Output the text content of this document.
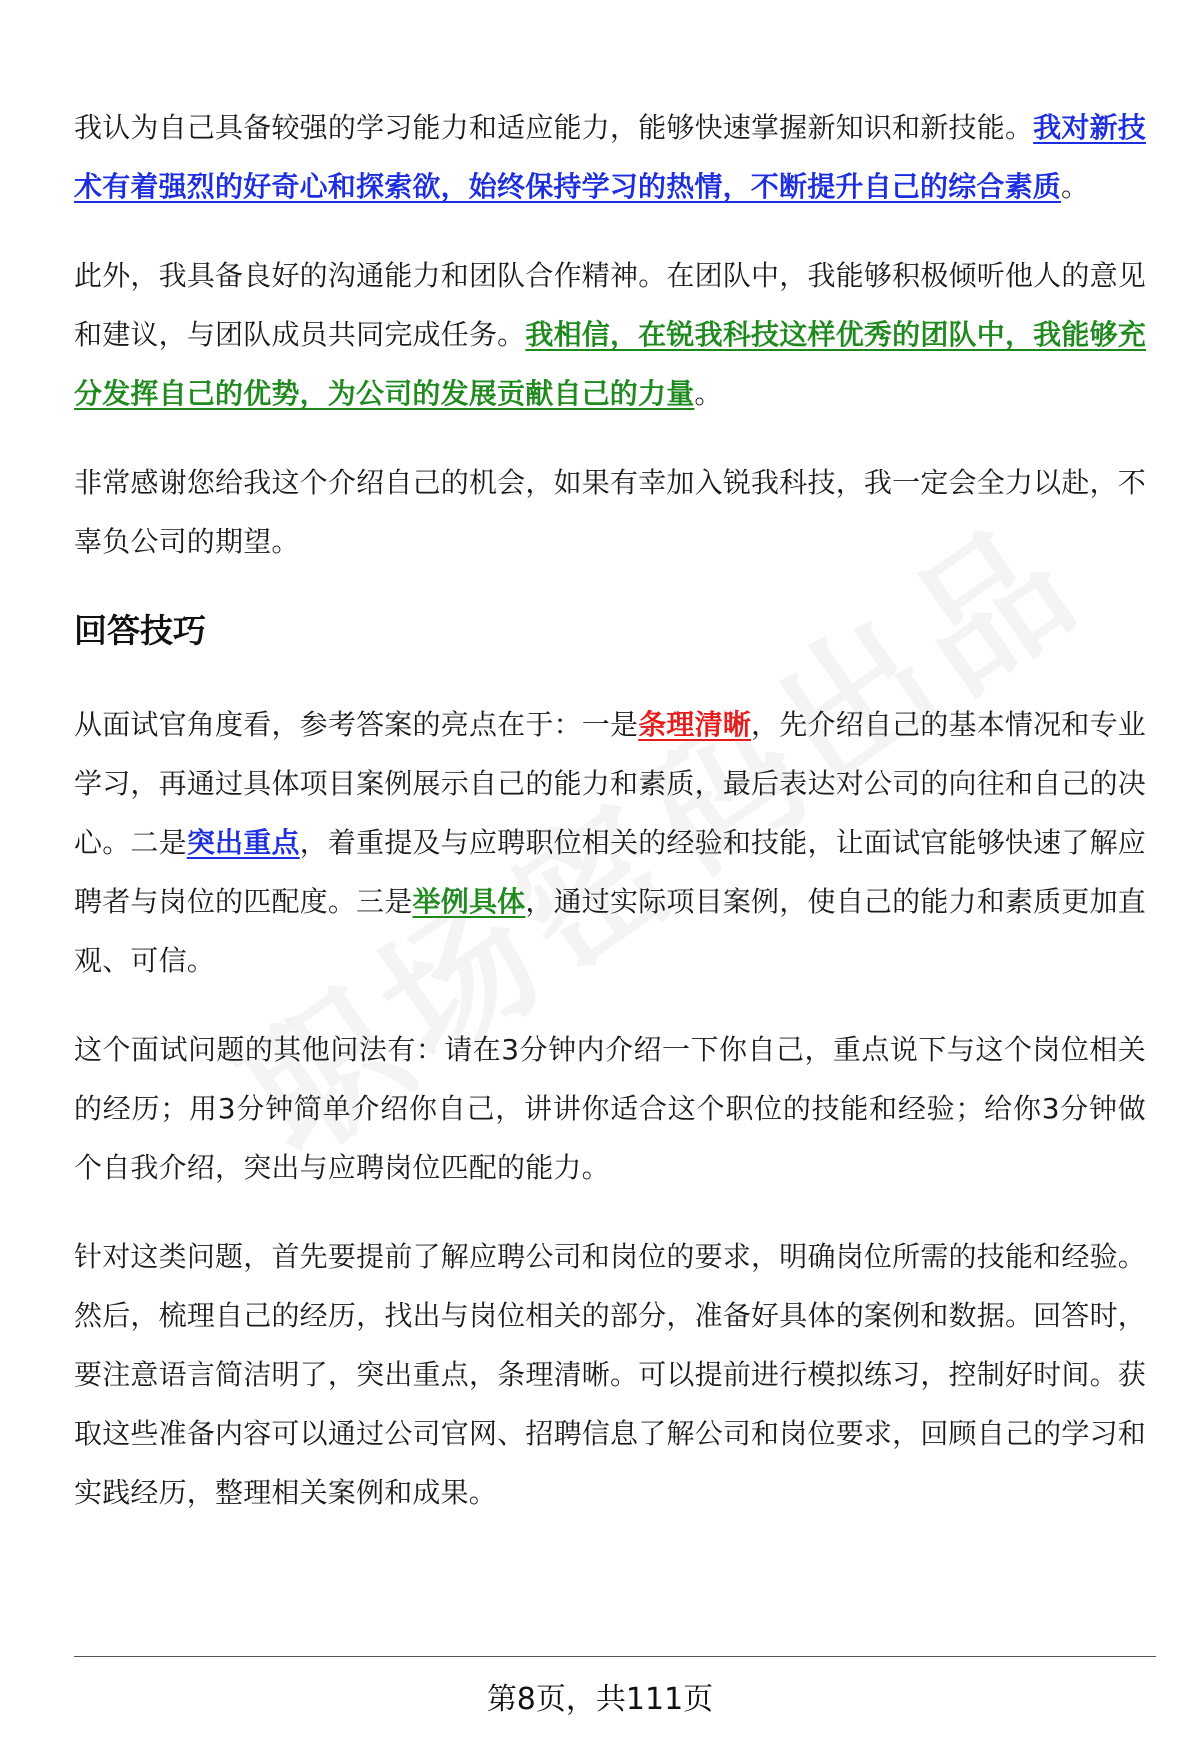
我认为自己具备较强的学习能力和适应能力，能够快速掌握新知识和新技能。我对新技术有着强烈的好奇心和探索欲，始终保持学习的热情，不断提升自己的综合素质。

此外，我具备良好的沟通能力和团队合作精神。在团队中，我能够积极倾听他人的意见和建议，与团队成员共同完成任务。我相信，在锐我科技这样优秀的团队中，我能够充分发挥自己的优势，为公司的发展贡献自己的力量。

非常感谢您给我这个介绍自己的机会，如果有幸加入锐我科技，我一定会全力以赴，不辜负公司的期望。

回答技巧

从面试官角度看，参考答案的亮点在于：一是条理清晰，先介绍自己的基本情况和专业学习，再通过具体项目案例展示自己的能力和素质，最后表达对公司的向往和自己的决心。二是突出重点，着重提及与应聘职位相关的经验和技能，让面试官能够快速了解应聘者与岗位的匹配度。三是举例具体，通过实际项目案例，使自己的能力和素质更加直观、可信。

这个面试问题的其他问法有：请在3分钟内介绍一下你自己，重点说下与这个岗位相关的经历；用3分钟简单介绍你自己，讲讲你适合这个职位的技能和经验；给你3分钟做个自我介绍，突出与应聘岗位匹配的能力。

针对这类问题，首先要提前了解应聘公司和岗位的要求，明确岗位所需的技能和经验。然后，梳理自己的经历，找出与岗位相关的部分，准备好具体的案例和数据。回答时，要注意语言简洁明了，突出重点，条理清晰。可以提前进行模拟练习，控制好时间。获取这些准备内容可以通过公司官网、招聘信息了解公司和岗位要求，回顾自己的学习和实践经历，整理相关案例和成果。

第8页，共111页
